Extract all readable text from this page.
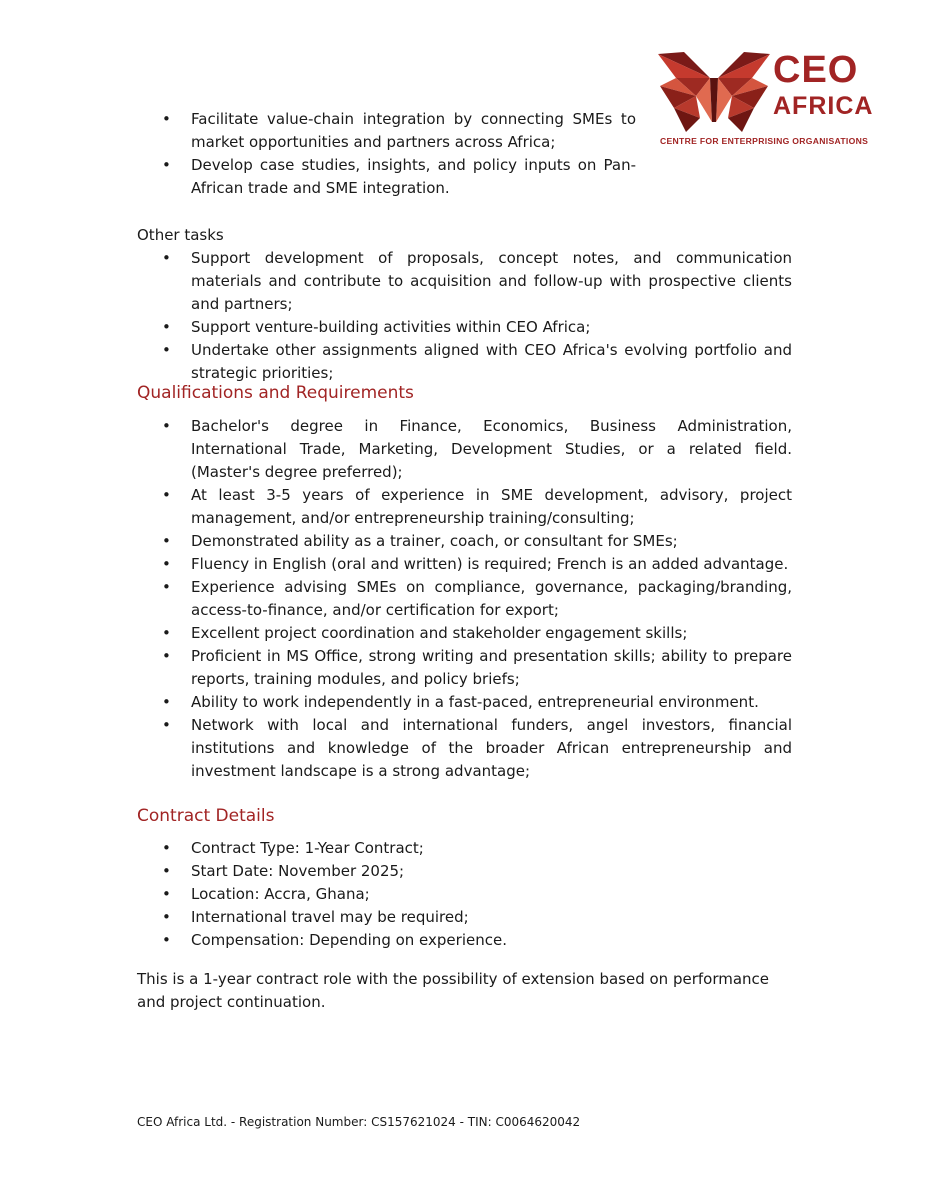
CEO
AFRICA
CENTRE FOR ENTERPRISING ORGANISATIONS
• Facilitate value-chain integration by connecting SMEs to market opportunities and partners across Africa;
• Develop case studies, insights, and policy inputs on Pan-African trade and SME integration.
Other tasks
• Support development of proposals, concept notes, and communication materials and contribute to acquisition and follow-up with prospective clients and partners;
• Support venture-building activities within CEO Africa;
• Undertake other assignments aligned with CEO Africa's evolving portfolio and strategic priorities;
Qualifications and Requirements
• Bachelor's degree in Finance, Economics, Business Administration, International Trade, Marketing, Development Studies, or a related field. (Master's degree preferred);
• At least 3-5 years of experience in SME development, advisory, project management, and/or entrepreneurship training/consulting;
• Demonstrated ability as a trainer, coach, or consultant for SMEs;
• Fluency in English (oral and written) is required; French is an added advantage.
• Experience advising SMEs on compliance, governance, packaging/branding, access-to-finance, and/or certification for export;
• Excellent project coordination and stakeholder engagement skills;
• Proficient in MS Office, strong writing and presentation skills; ability to prepare reports, training modules, and policy briefs;
• Ability to work independently in a fast-paced, entrepreneurial environment.
• Network with local and international funders, angel investors, financial institutions and knowledge of the broader African entrepreneurship and investment landscape is a strong advantage;
Contract Details
• Contract Type: 1-Year Contract;
• Start Date: November 2025;
• Location: Accra, Ghana;
• International travel may be required;
• Compensation: Depending on experience.
This is a 1-year contract role with the possibility of extension based on performance and project continuation.
CEO Africa Ltd. - Registration Number: CS157621024 - TIN: C0064620042
